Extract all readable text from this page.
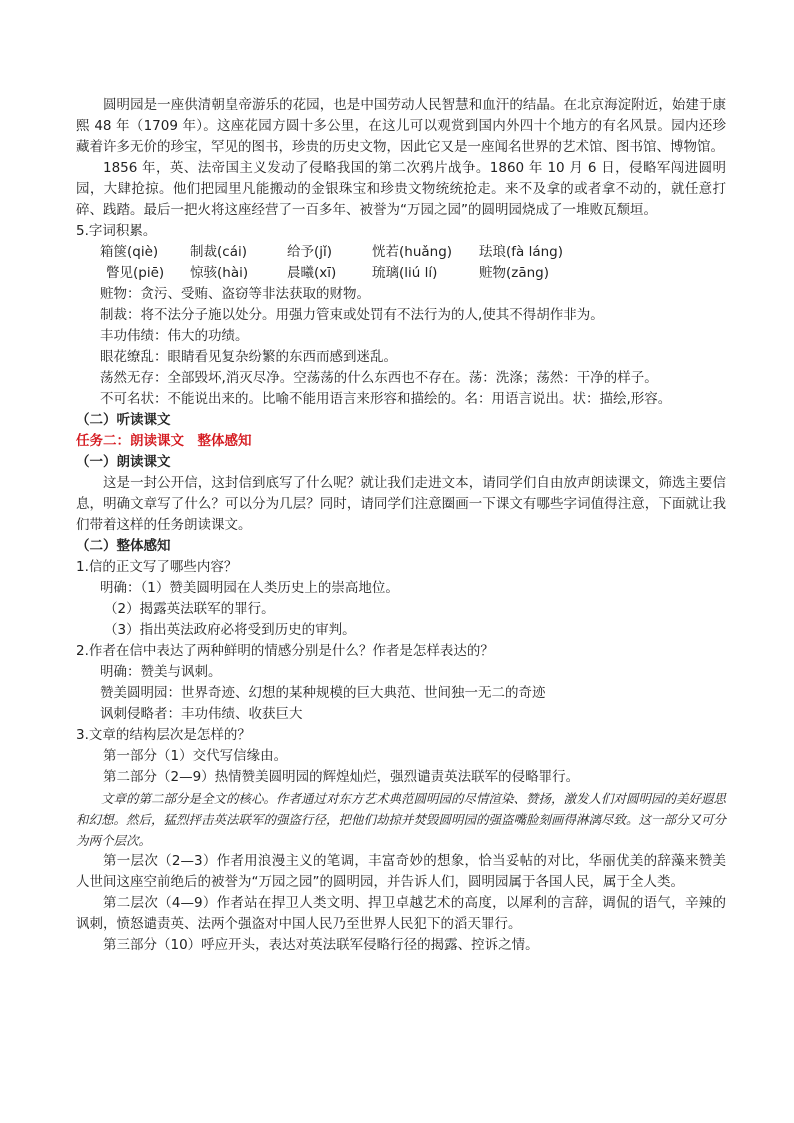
圆明园是一座供清朝皇帝游乐的花园，也是中国劳动人民智慧和血汗的结晶。在北京海淀附近，始建于康熙 48 年（1709 年）。这座花园方圆十多公里，在这儿可以观赏到国内外四十个地方的有名风景。园内还珍藏着许多无价的珍宝，罕见的图书，珍贵的历史文物，因此它又是一座闻名世界的艺术馆、图书馆、博物馆。

1856 年，英、法帝国主义发动了侵略我国的第二次鸦片战争。1860 年 10 月 6 日，侵略军闯进圆明园，大肆抢掠。他们把园里凡能搬动的金银珠宝和珍贵文物统统抢走。来不及拿的或者拿不动的，就任意打碎、践踏。最后一把火将这座经营了一百多年、被誉为“万园之园”的圆明园烧成了一堆败瓦颓垣。

5.字词积累。

箱箧(qiè)	制裁(cái)	给予(jǐ)	恍若(huǎng)	珐琅(fà láng)
瞥见(piē)	惊骇(hài)	晨曦(xī)	琉璃(liú lí)	赃物(zāng)

赃物：贪污、受贿、盗窃等非法获取的财物。

制裁：将不法分子施以处分。用强力管束或处罚有不法行为的人,使其不得胡作非为。

丰功伟绩：伟大的功绩。

眼花缭乱：眼睛看见复杂纷繁的东西而感到迷乱。

荡然无存：全部毁坏,消灭尽净。空荡荡的什么东西也不存在。荡：洗涤；荡然：干净的样子。

不可名状：不能说出来的。比喻不能用语言来形容和描绘的。名：用语言说出。状：描绘,形容。

（二）听读课文

任务二：朗读课文　整体感知

（一）朗读课文

这是一封公开信，这封信到底写了什么呢？就让我们走进文本，请同学们自由放声朗读课文，筛选主要信息，明确文章写了什么？可以分为几层？同时，请同学们注意圈画一下课文有哪些字词值得注意，下面就让我们带着这样的任务朗读课文。

（二）整体感知

1.信的正文写了哪些内容？

明确：（1）赞美圆明园在人类历史上的崇高地位。

（2）揭露英法联军的罪行。

（3）指出英法政府必将受到历史的审判。

2.作者在信中表达了两种鲜明的情感分别是什么？作者是怎样表达的？

明确：赞美与讽刺。

赞美圆明园：世界奇迹、幻想的某种规模的巨大典范、世间独一无二的奇迹

讽刺侵略者：丰功伟绩、收获巨大

3.文章的结构层次是怎样的？

第一部分（1）交代写信缘由。

第二部分（2—9）热情赞美圆明园的辉煌灿烂，强烈谴责英法联军的侵略罪行。

文章的第二部分是全文的核心。作者通过对东方艺术典范圆明园的尽情渲染、赞扬，激发人们对圆明园的美好遐思和幻想。然后，猛烈抨击英法联军的强盗行径，把他们劫掠并焚毁圆明园的强盗嘴脸刻画得淋漓尽致。这一部分又可分为两个层次。

第一层次（2—3）作者用浪漫主义的笔调，丰富奇妙的想象，恰当妥帖的对比，华丽优美的辞藻来赞美人世间这座空前绝后的被誉为“万园之园”的圆明园，并告诉人们，圆明园属于各国人民，属于全人类。

第二层次（4—9）作者站在捍卫人类文明、捍卫卓越艺术的高度，以犀利的言辞，调侃的语气，辛辣的讽刺，愤怒谴责英、法两个强盗对中国人民乃至世界人民犯下的滔天罪行。

第三部分（10）呼应开头，表达对英法联军侵略行径的揭露、控诉之情。
